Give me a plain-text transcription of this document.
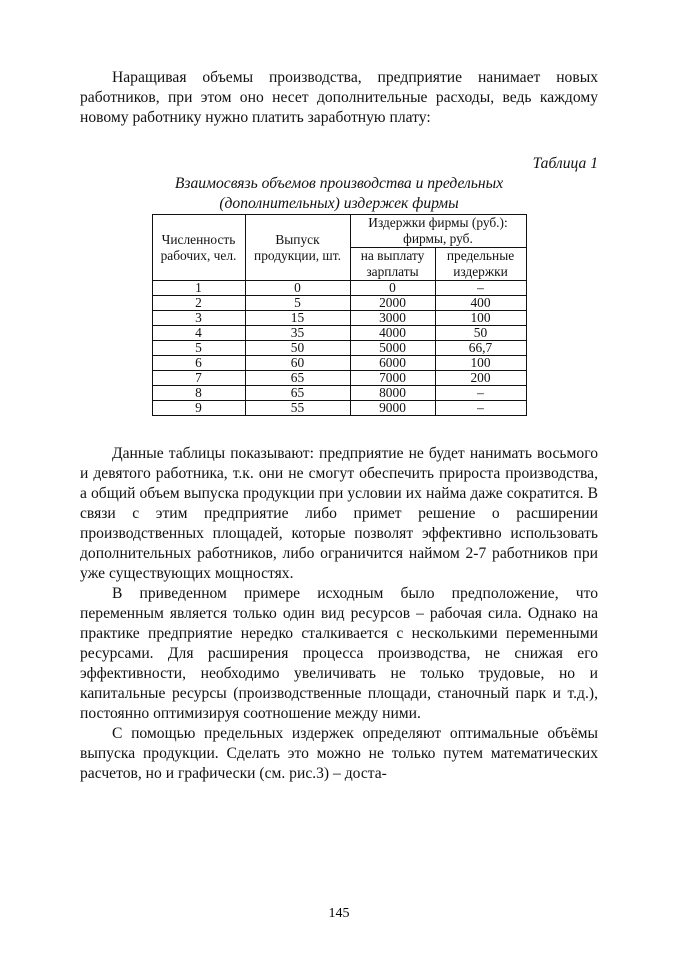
Наращивая объемы производства, предприятие нанимает новых работников, при этом оно несет дополнительные расходы, ведь каждому новому работнику нужно платить заработную плату:

Таблица 1

Взаимосвязь объемов производства и предельных (дополнительных) издержек фирмы

Численность рабочих, чел.	Выпуск продукции, шт.	Издержки фирмы (руб.): фирмы, руб.	
		на выплату зарплаты	предельные издержки
1	0	0	–
2	5	2000	400
3	15	3000	100
4	35	4000	50
5	50	5000	66,7
6	60	6000	100
7	65	7000	200
8	65	8000	–
9	55	9000	–

Данные таблицы показывают: предприятие не будет нанимать восьмого и девятого работника, т.к. они не смогут обеспечить прироста производства, а общий объем выпуска продукции при условии их найма даже сократится. В связи с этим предприятие либо примет решение о расширении производственных площадей, которые позволят эффективно использовать дополнительных работников, либо ограничится наймом 2-7 работников при уже существующих мощностях.

В приведенном примере исходным было предположение, что переменным является только один вид ресурсов – рабочая сила. Однако на практике предприятие нередко сталкивается с несколькими переменными ресурсами. Для расширения процесса производства, не снижая его эффективности, необходимо увеличивать не только трудовые, но и капитальные ресурсы (производственные площади, станочный парк и т.д.), постоянно оптимизируя соотношение между ними.

С помощью предельных издержек определяют оптимальные объёмы выпуска продукции. Сделать это можно не только путем математических расчетов, но и графически (см. рис.3) – доста-

145
